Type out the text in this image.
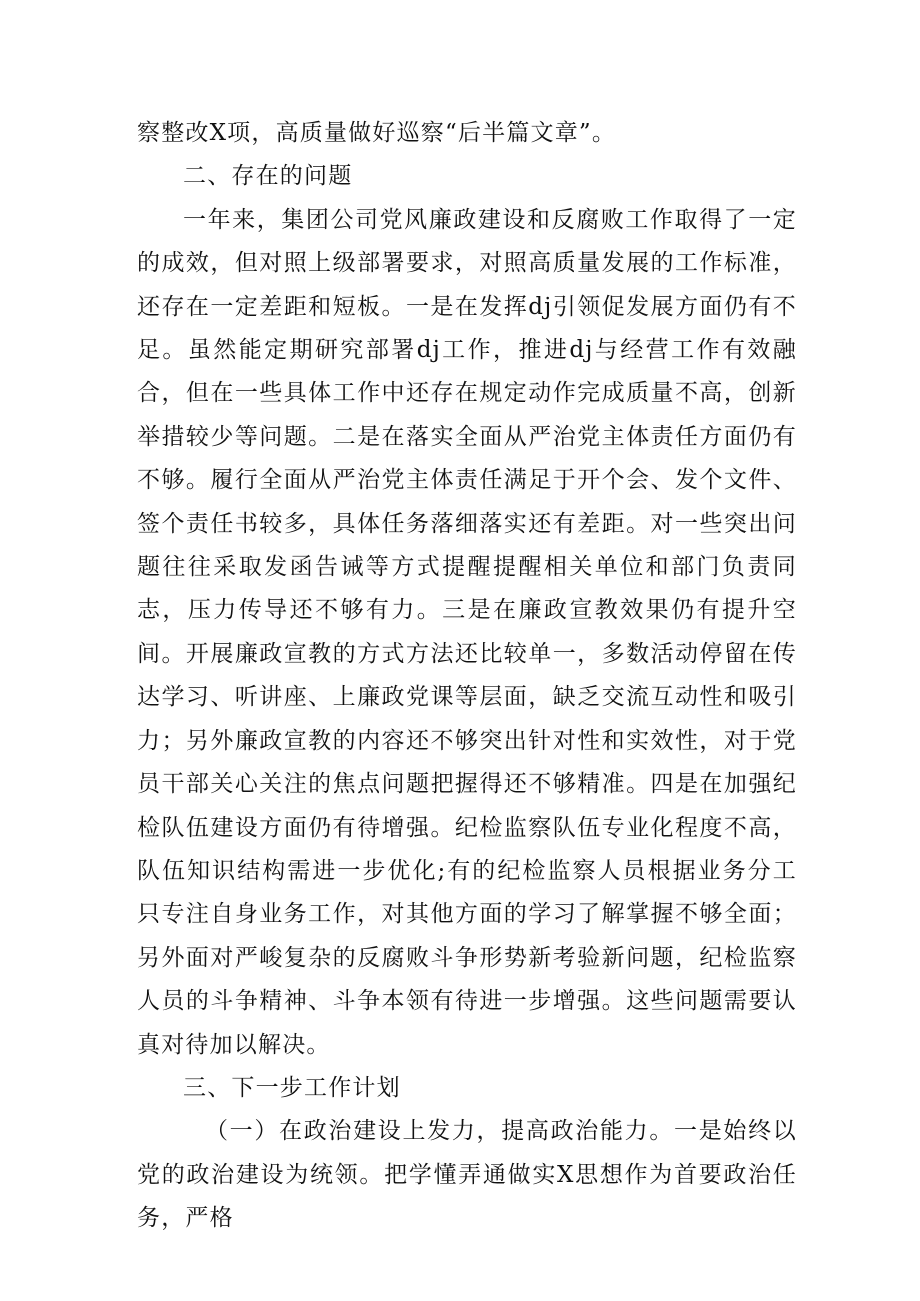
察整改X项，高质量做好巡察“后半篇文章”。

二、存在的问题

一年来，集团公司党风廉政建设和反腐败工作取得了一定的成效，但对照上级部署要求，对照高质量发展的工作标准，还存在一定差距和短板。一是在发挥dj引领促发展方面仍有不足。虽然能定期研究部署dj工作，推进dj与经营工作有效融合，但在一些具体工作中还存在规定动作完成质量不高，创新举措较少等问题。二是在落实全面从严治党主体责任方面仍有不够。履行全面从严治党主体责任满足于开个会、发个文件、签个责任书较多，具体任务落细落实还有差距。对一些突出问题往往采取发函告诫等方式提醒提醒相关单位和部门负责同志，压力传导还不够有力。三是在廉政宣教效果仍有提升空间。开展廉政宣教的方式方法还比较单一，多数活动停留在传达学习、听讲座、上廉政党课等层面，缺乏交流互动性和吸引力；另外廉政宣教的内容还不够突出针对性和实效性，对于党员干部关心关注的焦点问题把握得还不够精准。四是在加强纪检队伍建设方面仍有待增强。纪检监察队伍专业化程度不高，队伍知识结构需进一步优化;有的纪检监察人员根据业务分工只专注自身业务工作，对其他方面的学习了解掌握不够全面；另外面对严峻复杂的反腐败斗争形势新考验新问题，纪检监察人员的斗争精神、斗争本领有待进一步增强。这些问题需要认真对待加以解决。

三、下一步工作计划

（一）在政治建设上发力，提高政治能力。一是始终以党的政治建设为统领。把学懂弄通做实X思想作为首要政治任务，严格
